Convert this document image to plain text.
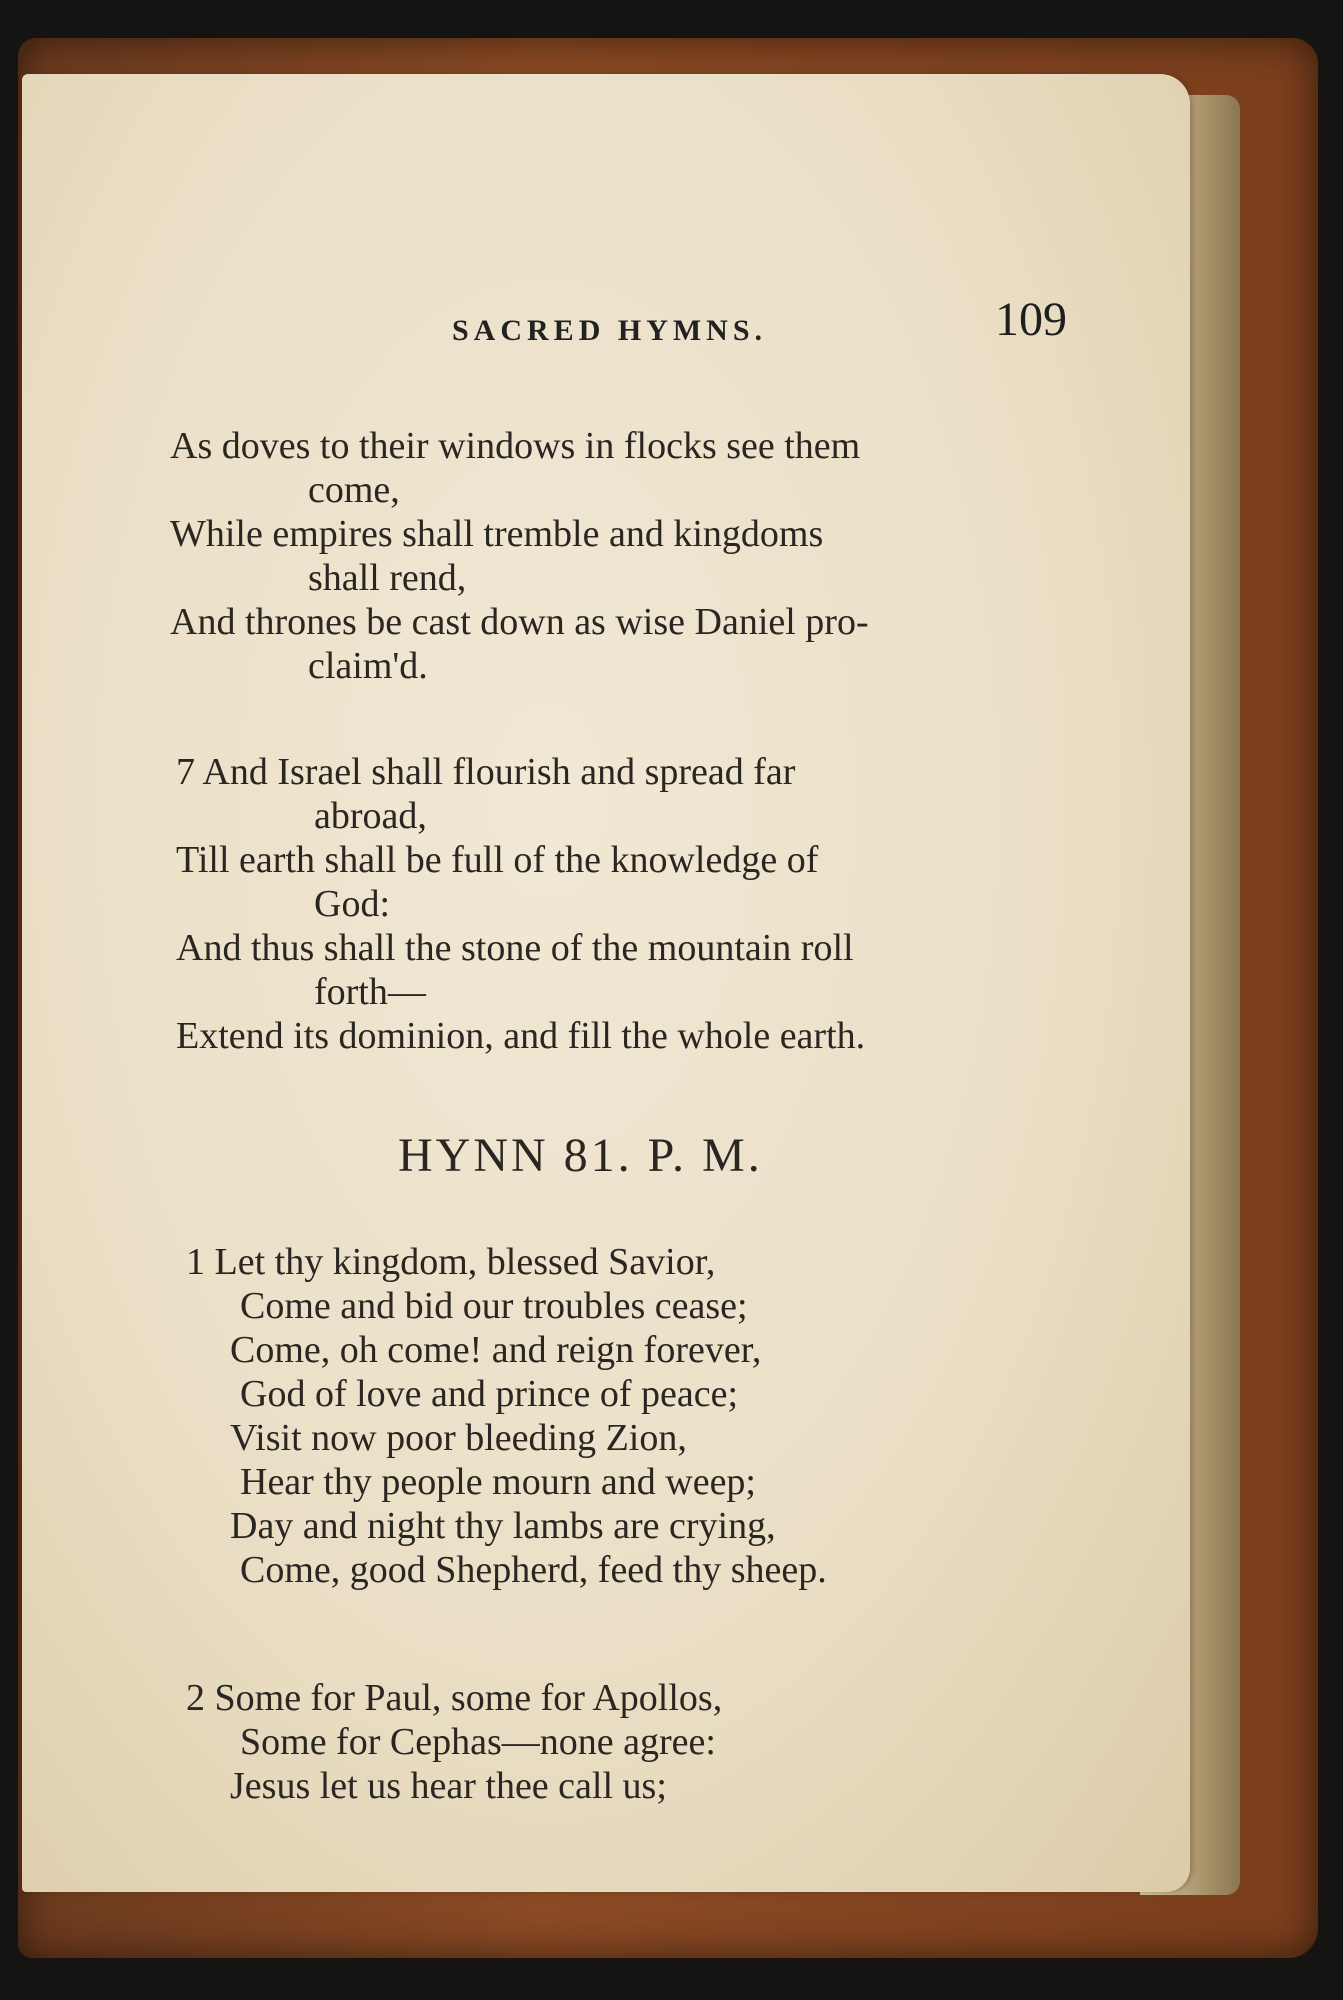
SACRED HYMNS.	109
As doves to their windows in flocks see them
come,
While empires shall tremble and kingdoms
shall rend,
And thrones be cast down as wise Daniel pro-
claim'd.
7 And Israel shall flourish and spread far
abroad,
Till earth shall be full of the knowledge of
God:
And thus shall the stone of the mountain roll
forth—
Extend its dominion, and fill the whole earth.
HYNN 81. P. M.
1 Let thy kingdom, blessed Savior,
Come and bid our troubles cease;
Come, oh come! and reign forever,
God of love and prince of peace;
Visit now poor bleeding Zion,
Hear thy people mourn and weep;
Day and night thy lambs are crying,
Come, good Shepherd, feed thy sheep.
2 Some for Paul, some for Apollos,
Some for Cephas—none agree:
Jesus let us hear thee call us;
